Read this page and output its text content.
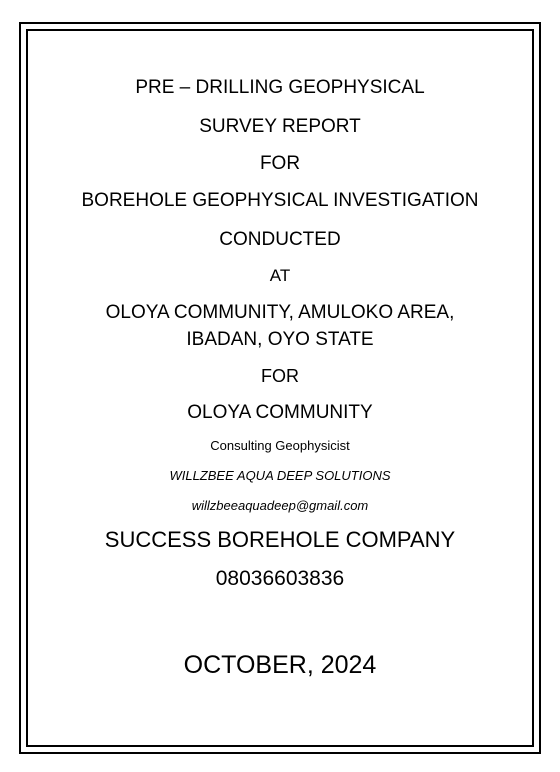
PRE – DRILLING GEOPHYSICAL
SURVEY REPORT
FOR
BOREHOLE GEOPHYSICAL INVESTIGATION
CONDUCTED
AT
OLOYA COMMUNITY, AMULOKO AREA,
IBADAN, OYO STATE
FOR
OLOYA COMMUNITY
Consulting Geophysicist
WILLZBEE AQUA DEEP SOLUTIONS
willzbeeaquadeep@gmail.com
SUCCESS BOREHOLE COMPANY
08036603836
OCTOBER, 2024
